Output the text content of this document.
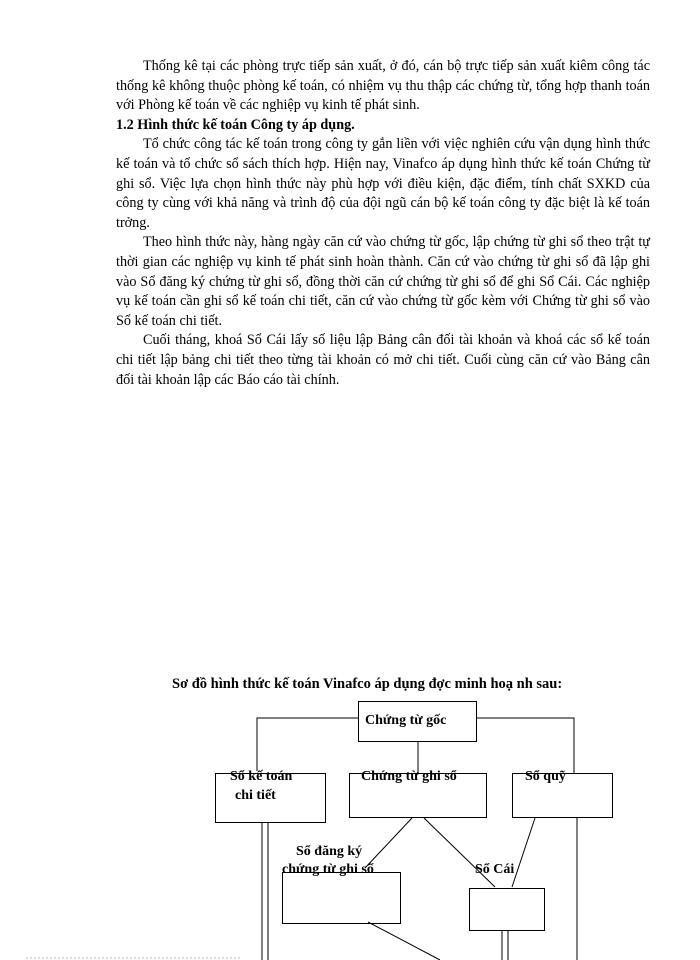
Thống kê tại các phòng trực tiếp sản xuất, ở đó, cán bộ trực tiếp sản xuất kiêm công tác thống kê không thuộc phòng kế toán, có nhiệm vụ thu thập các chứng từ, tổng hợp thanh toán với Phòng kế toán về các nghiệp vụ kinh tế phát sinh.

1.2 Hình thức kế toán Công ty áp dụng.

Tổ chức công tác kế toán trong công ty gắn liền với việc nghiên cứu vận dụng hình thức kế toán và tổ chức sổ sách thích hợp. Hiện nay, Vinafco áp dụng hình thức kế toán Chứng từ ghi sổ. Việc lựa chọn hình thức này phù hợp với điều kiện, đặc điểm, tính chất SXKD của công ty cùng với khả năng và trình độ của đội ngũ cán bộ kế toán công ty đặc biệt là kế toán trởng.

Theo hình thức này, hàng ngày căn cứ vào chứng từ gốc, lập chứng từ ghi sổ theo trật tự thời gian các nghiệp vụ kinh tế phát sinh hoàn thành. Căn cứ vào chứng từ ghi sổ đã lập ghi vào Sổ đăng ký chứng từ ghi sổ, đồng thời căn cứ chứng từ ghi sổ để ghi Sổ Cái. Các nghiệp vụ kế toán cần ghi sổ kế toán chi tiết, căn cứ vào chứng từ gốc kèm với Chứng từ ghi sổ vào Sổ kế toán chi tiết.

Cuối tháng, khoá Sổ Cái lấy số liệu lập Bảng cân đối tài khoản và khoá các sổ kế toán chi tiết lập bảng chi tiết theo từng tài khoản có mở chi tiết. Cuối cùng căn cứ vào Bảng cân đối tài khoản lập các Báo cáo tài chính.

Sơ đồ hình thức kế toán Vinafco áp dụng đợc minh hoạ nh sau:
Chứng từ gốc
Sổ kế toán
chi tiết
Chứng từ ghi sổ	Sổ quỹ
Sổ đăng ký
chứng từ ghi sổ	Sổ Cái
